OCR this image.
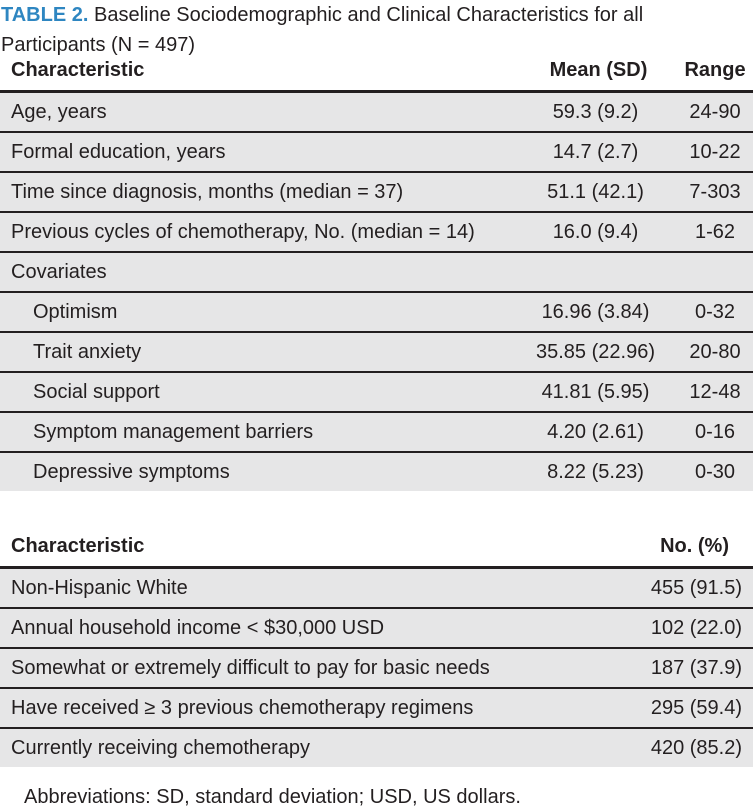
TABLE 2. Baseline Sociodemographic and Clinical Characteristics for all Participants (N = 497)
Characteristic	Mean (SD)	Range
Age, years	59.3 (9.2)	24-90
Formal education, years	14.7 (2.7)	10-22
Time since diagnosis, months (median = 37)	51.1 (42.1)	7-303
Previous cycles of chemotherapy, No. (median = 14)	16.0 (9.4)	1-62
Covariates
Optimism	16.96 (3.84)	0-32
Trait anxiety	35.85 (22.96)	20-80
Social support	41.81 (5.95)	12-48
Symptom management barriers	4.20 (2.61)	0-16
Depressive symptoms	8.22 (5.23)	0-30
Characteristic	No. (%)
Non-Hispanic White	455 (91.5)
Annual household income < $30,000 USD	102 (22.0)
Somewhat or extremely difficult to pay for basic needs	187 (37.9)
Have received ≥ 3 previous chemotherapy regimens	295 (59.4)
Currently receiving chemotherapy	420 (85.2)
Abbreviations: SD, standard deviation; USD, US dollars.
